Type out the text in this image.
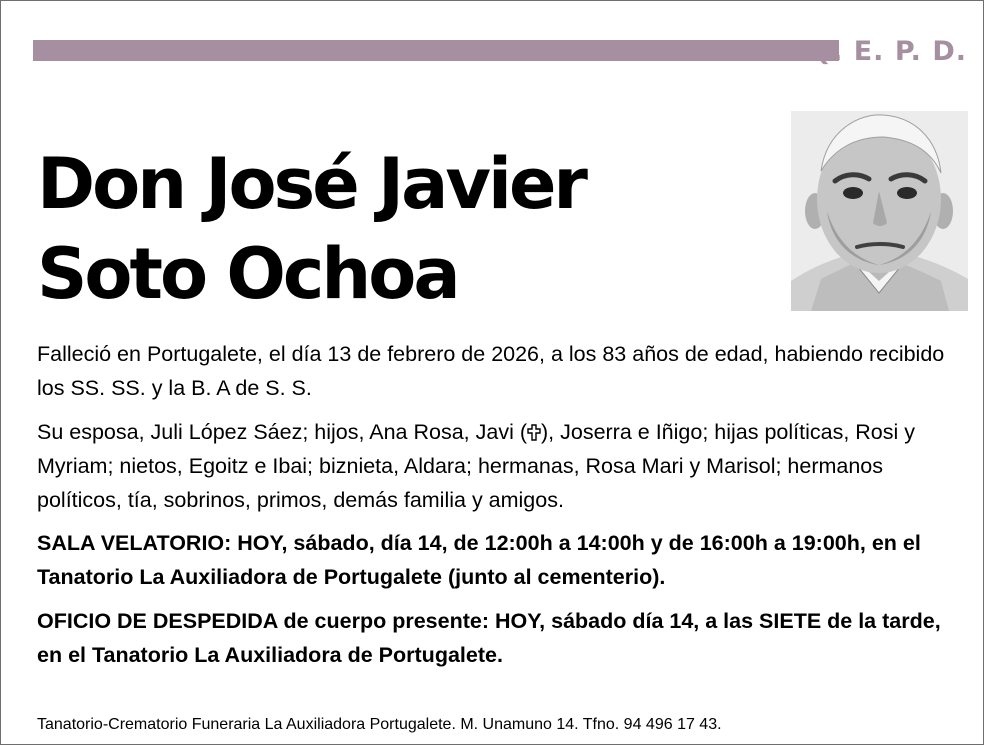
Q. E. P. D.
Don José Javier
Soto Ochoa
Falleció en Portugalete, el día 13 de febrero de 2026, a los 83 años de edad, habiendo recibido los SS. SS. y la B. A de S. S.
Su esposa, Juli López Sáez; hijos, Ana Rosa, Javi ( ), Joserra e Iñigo; hijas políticas, Rosi y Myriam; nietos, Egoitz e Ibai; biznieta, Aldara; hermanas, Rosa Mari y Marisol; hermanos políticos, tía, sobrinos, primos, demás familia y amigos.
SALA VELATORIO: HOY, sábado, día 14, de 12:00h a 14:00h y de 16:00h a 19:00h, en el Tanatorio La Auxiliadora de Portugalete (junto al cementerio).
OFICIO DE DESPEDIDA de cuerpo presente: HOY, sábado día 14, a las SIETE de la tarde, en el Tanatorio La Auxiliadora de Portugalete.
Tanatorio-Crematorio Funeraria La Auxiliadora Portugalete. M. Unamuno 14. Tfno. 94 496 17 43.
